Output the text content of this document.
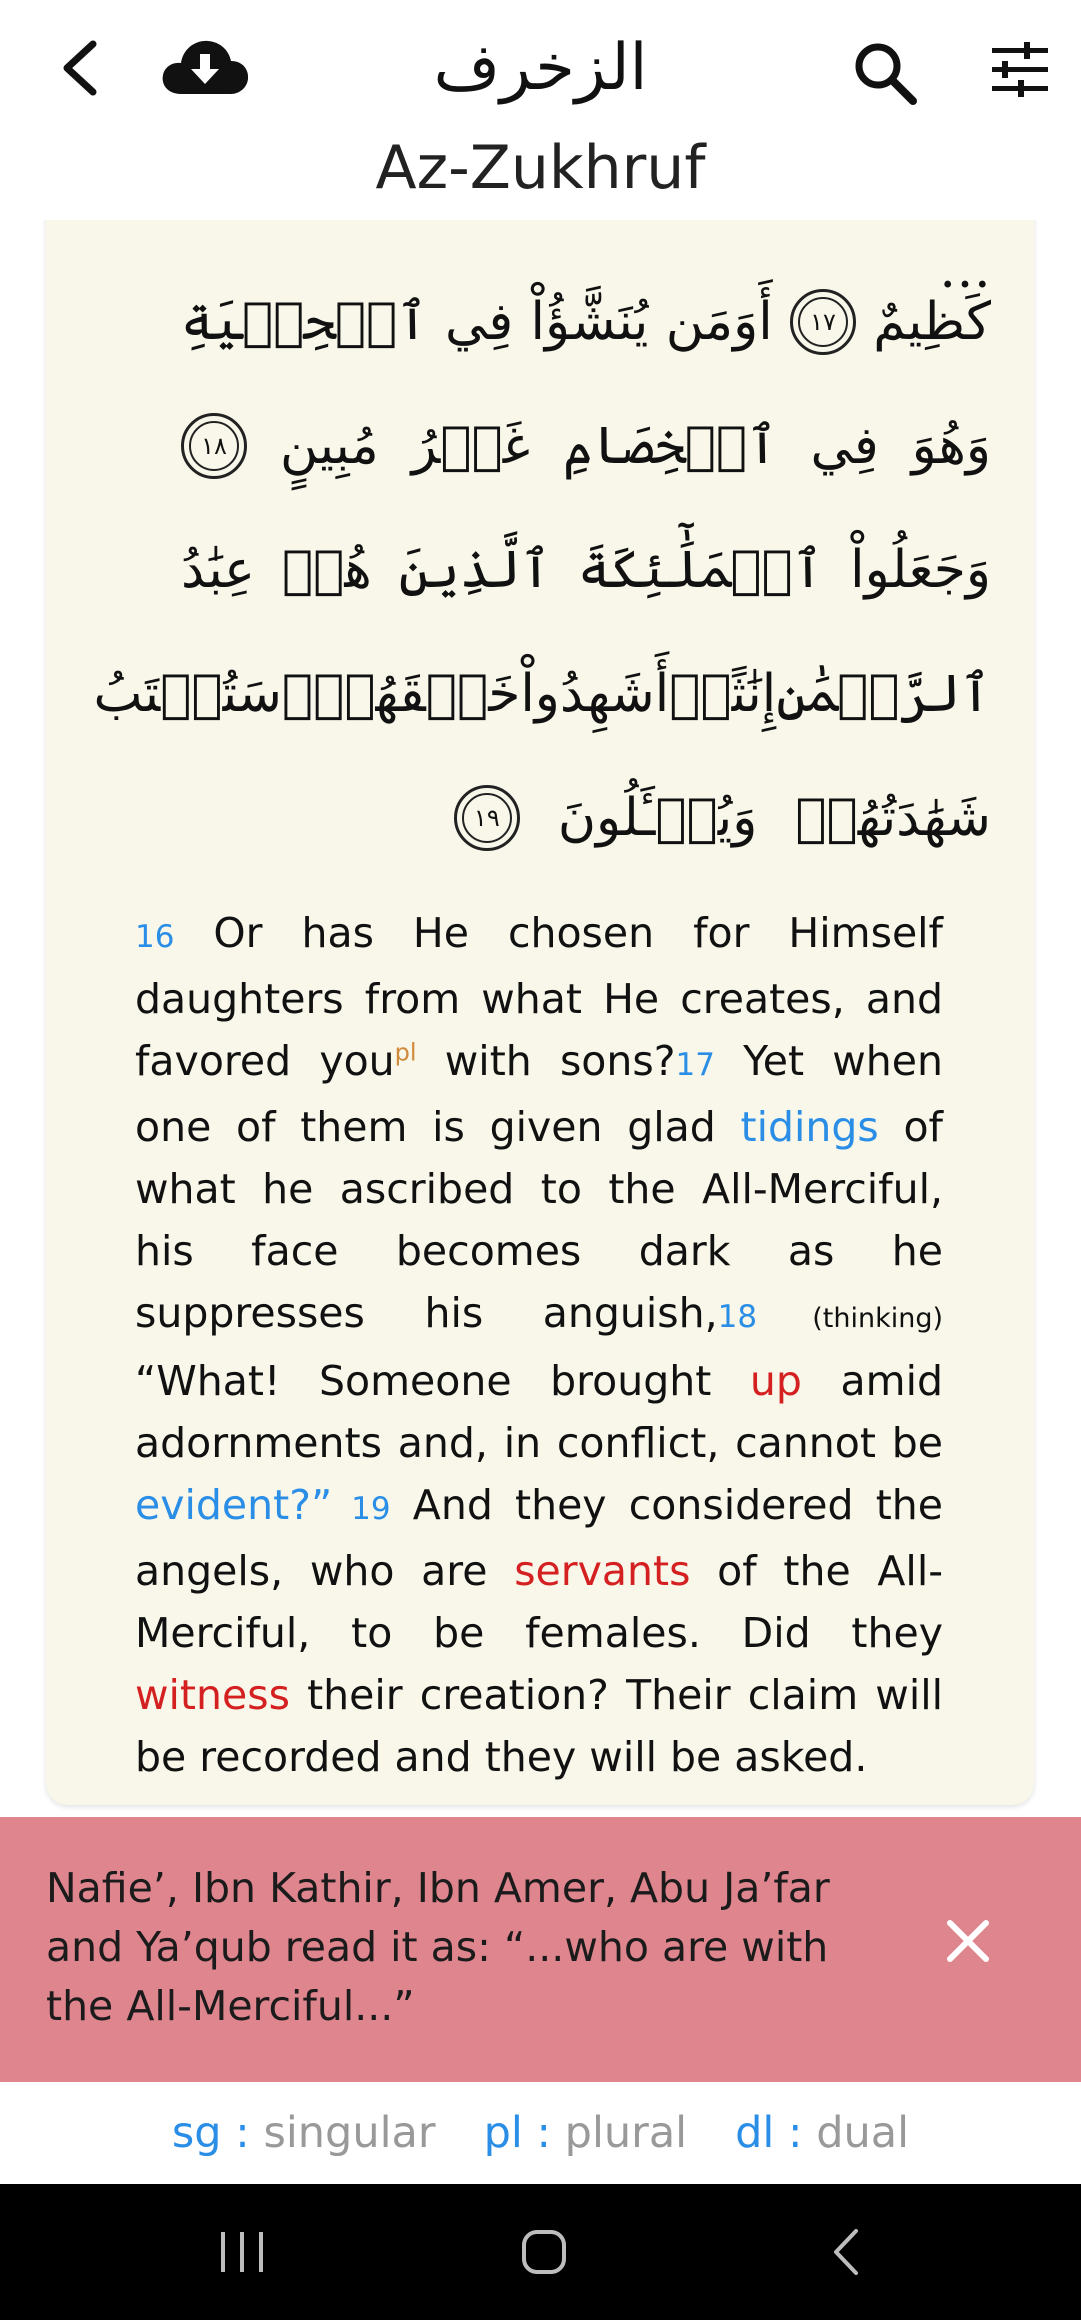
الزخرف
Az-Zukhruf
…
كَظِيمٌ
١٧
أَوَمَن
يُنَشَّؤُاْ
فِي
ٱلۡحِلۡيَةِ
وَهُوَ
فِي
ٱلۡخِصَامِ
غَيۡرُ
مُبِينٍ
١٨
وَجَعَلُواْ
ٱلۡمَلَٰٓئِكَةَ
ٱلَّذِينَ
هُمۡ
عِبَٰدُ
ٱلرَّحۡمَٰنِ
إِنَٰثًاۚ
أَشَهِدُواْ
خَلۡقَهُمۡۚ
سَتُكۡتَبُ
شَهَٰدَتُهُمۡ
وَيُسۡـَٔلُونَ
١٩
16 Or has He chosen for Himself daughters from what He creates, and favored you$^{pl}$ with sons?17 Yet when one of them is given glad tidings of what he ascribed to the All-Merciful, his face becomes dark as he suppresses his anguish,18 (thinking) “What! Someone brought up amid adornments and, in conflict, cannot be evident?” 19 And they considered the angels, who are servants of the All-Merciful, to be females. Did they witness their creation? Their claim will be recorded and they will be asked.
Nafie’, Ibn Kathir, Ibn Amer, Abu Ja’far and Ya’qub read it as: “...who are with the All-Merciful...”
sg : singular pl : plural dl : dual
